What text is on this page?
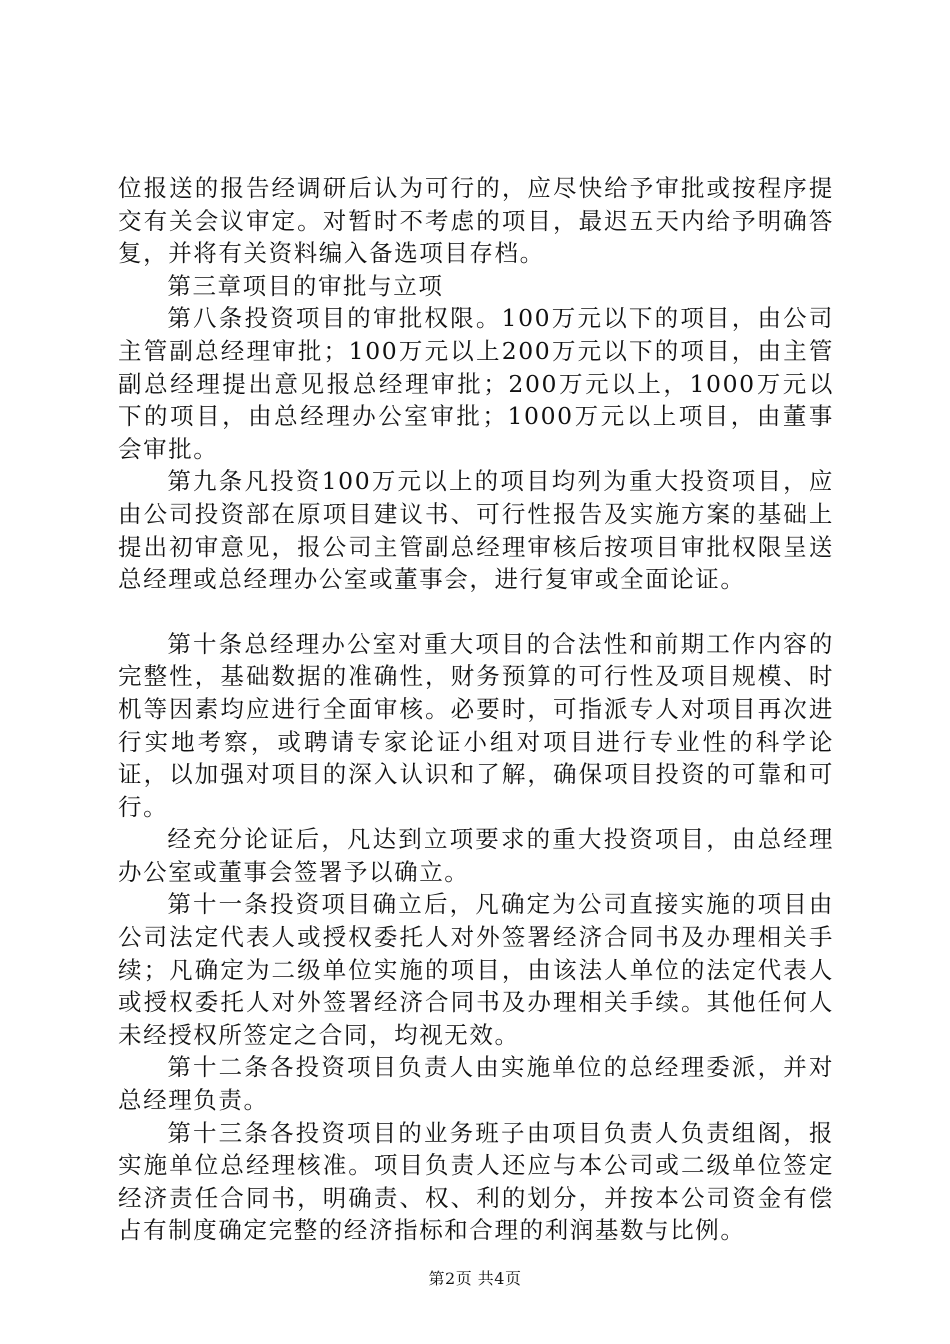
位报送的报告经调研后认为可行的，应尽快给予审批或按程序提交有关会议审定。对暂时不考虑的项目，最迟五天内给予明确答复，并将有关资料编入备选项目存档。

第三章项目的审批与立项

第八条投资项目的审批权限。100万元以下的项目，由公司主管副总经理审批；100万元以上200万元以下的项目，由主管副总经理提出意见报总经理审批；200万元以上，1000万元以下的项目，由总经理办公室审批；1000万元以上项目，由董事会审批。

第九条凡投资100万元以上的项目均列为重大投资项目，应由公司投资部在原项目建议书、可行性报告及实施方案的基础上提出初审意见，报公司主管副总经理审核后按项目审批权限呈送总经理或总经理办公室或董事会，进行复审或全面论证。

第十条总经理办公室对重大项目的合法性和前期工作内容的完整性，基础数据的准确性，财务预算的可行性及项目规模、时机等因素均应进行全面审核。必要时，可指派专人对项目再次进行实地考察，或聘请专家论证小组对项目进行专业性的科学论证，以加强对项目的深入认识和了解，确保项目投资的可靠和可行。

经充分论证后，凡达到立项要求的重大投资项目，由总经理办公室或董事会签署予以确立。

第十一条投资项目确立后，凡确定为公司直接实施的项目由公司法定代表人或授权委托人对外签署经济合同书及办理相关手续；凡确定为二级单位实施的项目，由该法人单位的法定代表人或授权委托人对外签署经济合同书及办理相关手续。其他任何人未经授权所签定之合同，均视无效。

第十二条各投资项目负责人由实施单位的总经理委派，并对总经理负责。

第十三条各投资项目的业务班子由项目负责人负责组阁，报实施单位总经理核准。项目负责人还应与本公司或二级单位签定经济责任合同书，明确责、权、利的划分，并按本公司资金有偿占有制度确定完整的经济指标和合理的利润基数与比例。

第2页 共4页
